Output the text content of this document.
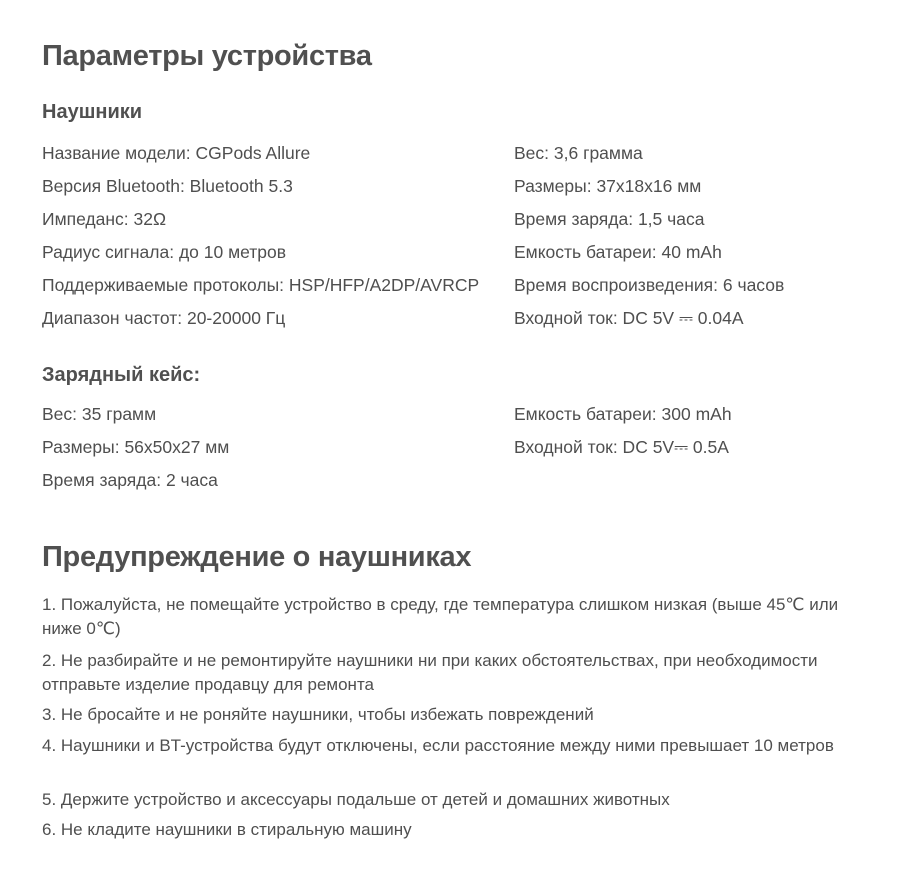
Параметры устройства
Наушники
Название модели: CGPods Allure
Версия Bluetooth: Bluetooth 5.3
Импеданс: 32Ω
Радиус сигнала: до 10 метров
Поддерживаемые протоколы: HSP/HFP/A2DP/AVRCP
Диапазон частот: 20-20000 Гц
Вес: 3,6 грамма
Размеры: 37x18x16 мм
Время заряда: 1,5 часа
Емкость батареи: 40 mAh
Время воспроизведения: 6 часов
Входной ток: DC 5V ⎓ 0.04A
Зарядный кейс:
Вес: 35 грамм
Размеры: 56x50x27 мм
Время заряда: 2 часа
Емкость батареи: 300 mAh
Входной ток: DC 5V⎓ 0.5A
Предупреждение о наушниках
1. Пожалуйста, не помещайте устройство в среду, где температура слишком низкая (выше 45℃ или ниже 0℃)
2. Не разбирайте и не ремонтируйте наушники ни при каких обстоятельствах, при необходимости отправьте изделие продавцу для ремонта
3. Не бросайте и не роняйте наушники, чтобы избежать повреждений
4. Наушники и BT-устройства будут отключены, если расстояние между ними превышает 10 метров
5. Держите устройство и аксессуары подальше от детей и домашних животных
6. Не кладите наушники в стиральную машину
